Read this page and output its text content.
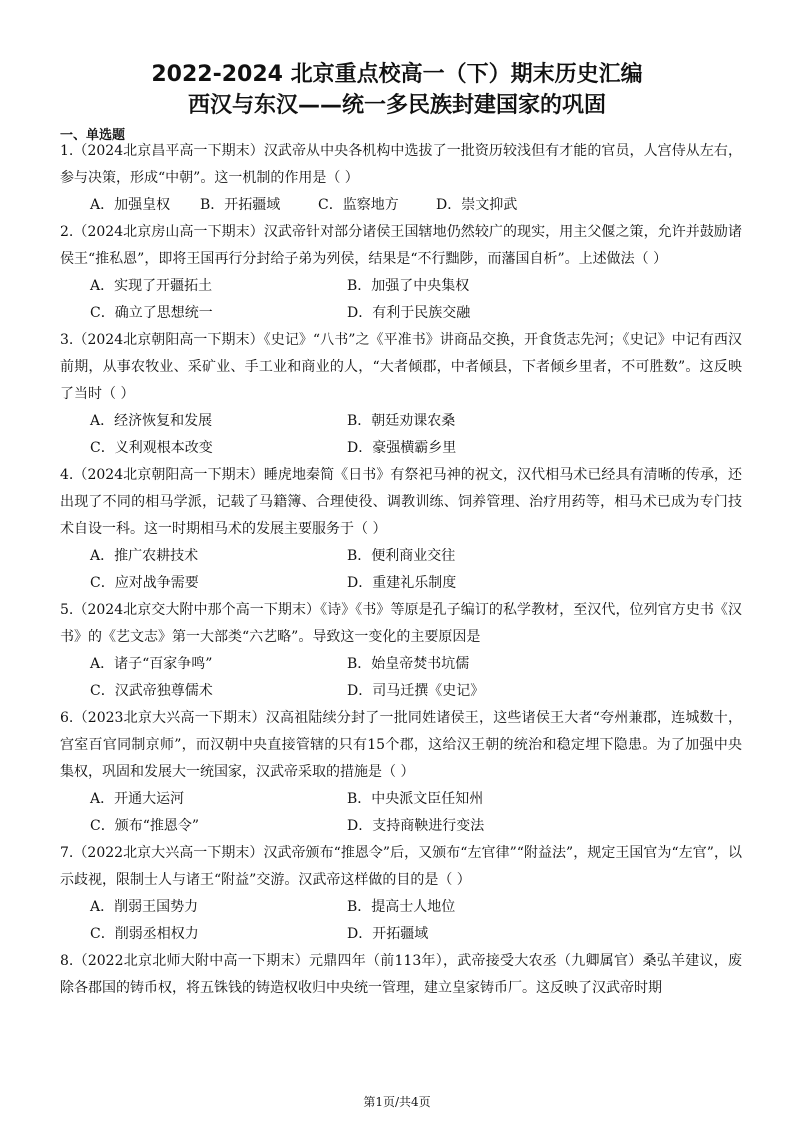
2022-2024 北京重点校高一（下）期末历史汇编
西汉与东汉——统一多民族封建国家的巩固
一、单选题
1.（2024北京昌平高一下期末）汉武帝从中央各机构中选拔了一批资历较浅但有才能的官员，人宫侍从左右，参与决策，形成“中朝”。这一机制的作用是（ ）
A．加强皇权 B．开拓疆域	C．监察地方	D．崇文抑武
2.（2024北京房山高一下期末）汉武帝针对部分诸侯王国辖地仍然较广的现实，用主父偃之策，允许并鼓励诸侯王“推私恩”，即将王国再行分封给子弟为列侯，结果是“不行黜陟，而藩国自析”。上述做法（ ）
A．实现了开疆拓土	B．加强了中央集权
C．确立了思想统一	D．有利于民族交融
3.（2024北京朝阳高一下期末）《史记》“八书”之《平准书》讲商品交换，开食货志先河；《史记》中记有西汉前期，从事农牧业、采矿业、手工业和商业的人，“大者倾郡，中者倾县，下者倾乡里者，不可胜数”。这反映了当时（ ）
A．经济恢复和发展	B．朝廷劝课农桑
C．义利观根本改变	D．豪强横霸乡里
4.（2024北京朝阳高一下期末）睡虎地秦简《日书》有祭祀马神的祝文，汉代相马术已经具有清晰的传承，还出现了不同的相马学派，记载了马籍簿、合理使役、调教训练、饲养管理、治疗用药等，相马术已成为专门技术自设一科。这一时期相马术的发展主要服务于（ ）
A．推广农耕技术	B．便利商业交往
C．应对战争需要	D．重建礼乐制度
5.（2024北京交大附中那个高一下期末）《诗》《书》等原是孔子编订的私学教材，至汉代，位列官方史书《汉书》的《艺文志》第一大部类“六艺略”。导致这一变化的主要原因是
A．诸子“百家争鸣”	B．始皇帝焚书坑儒
C．汉武帝独尊儒术	D．司马迁撰《史记》
6.（2023北京大兴高一下期末）汉高祖陆续分封了一批同姓诸侯王，这些诸侯王大者“夸州兼郡，连城数十，宫室百官同制京师”，而汉朝中央直接管辖的只有15个郡，这给汉王朝的统治和稳定埋下隐患。为了加强中央集权，巩固和发展大一统国家，汉武帝采取的措施是（ ）
A．开通大运河	B．中央派文臣任知州
C．颁布“推恩令”	D．支持商鞅进行变法
7.（2022北京大兴高一下期末）汉武帝颁布“推恩令”后，又颁布“左官律”“附益法”，规定王国官为“左官”，以示歧视，限制士人与诸王“附益”交游。汉武帝这样做的目的是（ ）
A．削弱王国势力	B．提高士人地位
C．削弱丞相权力	D．开拓疆域
8.（2022北京北师大附中高一下期末）元鼎四年（前113年），武帝接受大农丞（九卿属官）桑弘羊建议，废除各郡国的铸币权，将五铢钱的铸造权收归中央统一管理，建立皇家铸币厂。这反映了汉武帝时期
第1页/共4页
